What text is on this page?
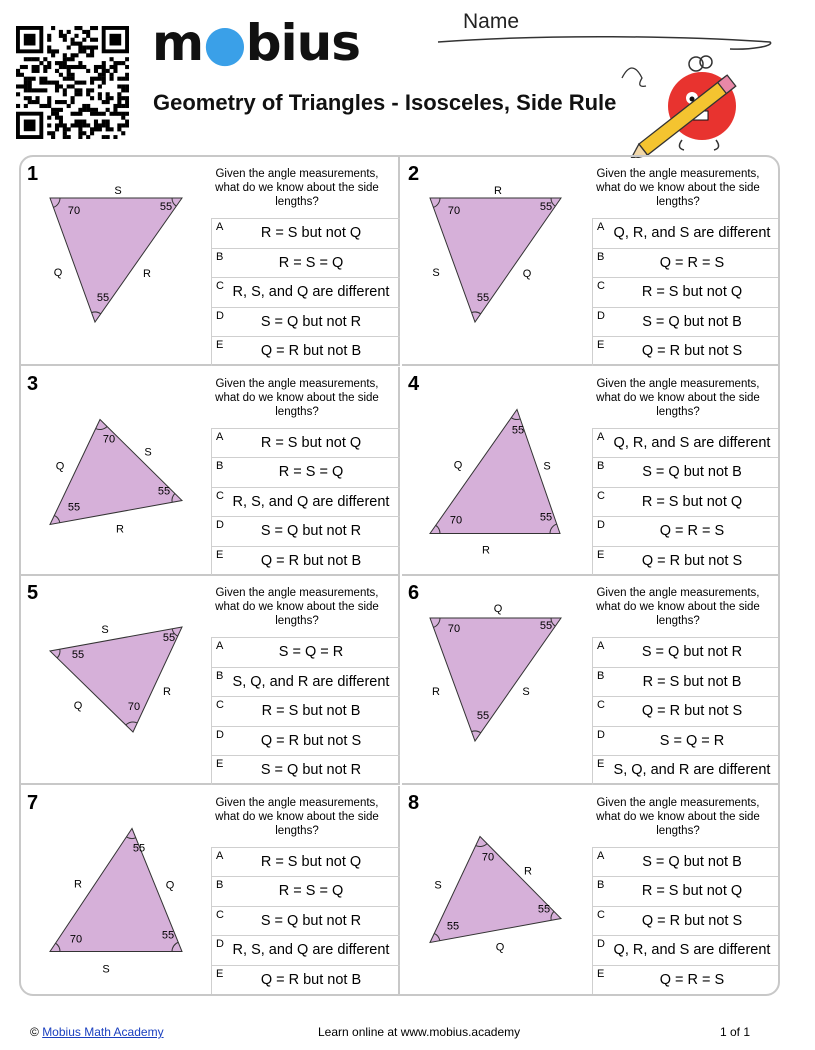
m●bius
Geometry of Triangles - Isosceles, Side Rule
Name
1	Given the angle measurements, what do we know about the side lengths?
S
Q	R
70	55
55
A	R = S but not Q
B	R = S = Q
C R, S, and Q are different
D	S = Q but not R
E	Q = R but not B
2	Given the angle measurements, what do we know about the side lengths?
R
S	Q
70	55
55
A Q, R, and S are different
B	Q = R = S
C	R = S but not Q
D	S = Q but not B
E	Q = R but not S
3	Given the angle measurements, what do we know about the side lengths?
Q
S
R
70
55
55
A	R = S but not Q
B	R = S = Q
C R, S, and Q are different
D	S = Q but not R
E	Q = R but not B
4	Given the angle measurements, what do we know about the side lengths?
Q	S
R
55
55
70
A Q, R, and S are different
B	S = Q but not B
C	R = S but not Q
D	Q = R = S
E	Q = R but not S
5	Given the angle measurements, what do we know about the side lengths?
S
Q
R
55
55
70
A	S = Q = R
B S, Q, and R are different
C	R = S but not B
D	Q = R but not S
E	S = Q but not R
6	Given the angle measurements, what do we know about the side lengths?
Q
R	S
70	55
55
A	S = Q but not R
B	R = S but not B
C	Q = R but not S
D	S = Q = R
E S, Q, and R are different
7	Given the angle measurements, what do we know about the side lengths?
R	Q
S
55
55
70
A	R = S but not Q
B	R = S = Q
C	S = Q but not R
D R, S, and Q are different
E	Q = R but not B
8	Given the angle measurements, what do we know about the side lengths?
S
R
Q
70
55
55
A	S = Q but not B
B	R = S but not Q
C	Q = R but not S
D Q, R, and S are different
E	Q = R = S
© Mobius Math Academy	Learn online at www.mobius.academy	1 of 1
